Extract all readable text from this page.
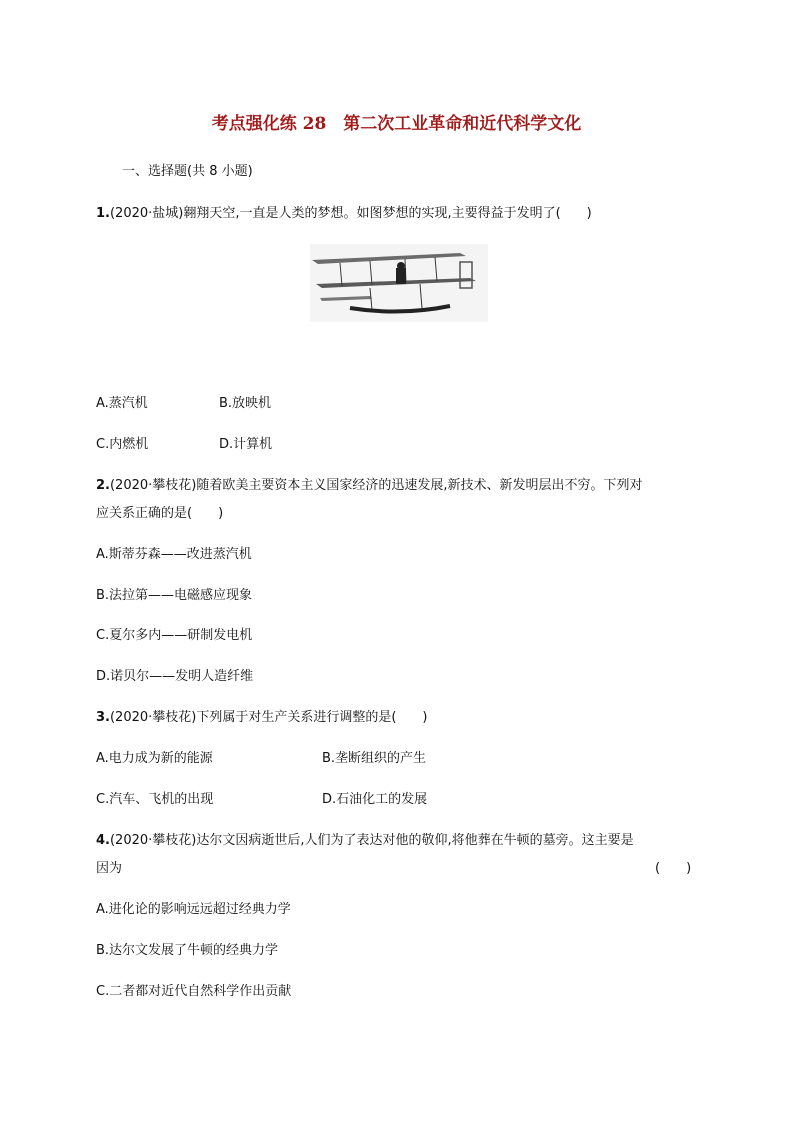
考点强化练 28　第二次工业革命和近代科学文化
一、选择题(共 8 小题)
1.(2020·盐城)翱翔天空,一直是人类的梦想。如图梦想的实现,主要得益于发明了(　　)
A.蒸汽机	B.放映机
C.内燃机	D.计算机
2.(2020·攀枝花)随着欧美主要资本主义国家经济的迅速发展,新技术、新发明层出不穷。下列对
应关系正确的是(　　)
A.斯蒂芬森——改进蒸汽机
B.法拉第——电磁感应现象
C.夏尔多内——研制发电机
D.诺贝尔——发明人造纤维
3.(2020·攀枝花)下列属于对生产关系进行调整的是(　　)
A.电力成为新的能源	B.垄断组织的产生
C.汽车、飞机的出现	D.石油化工的发展
4.(2020·攀枝花)达尔文因病逝世后,人们为了表达对他的敬仰,将他葬在牛顿的墓旁。这主要是
因为	(　　)
A.进化论的影响远远超过经典力学
B.达尔文发展了牛顿的经典力学
C.二者都对近代自然科学作出贡献
